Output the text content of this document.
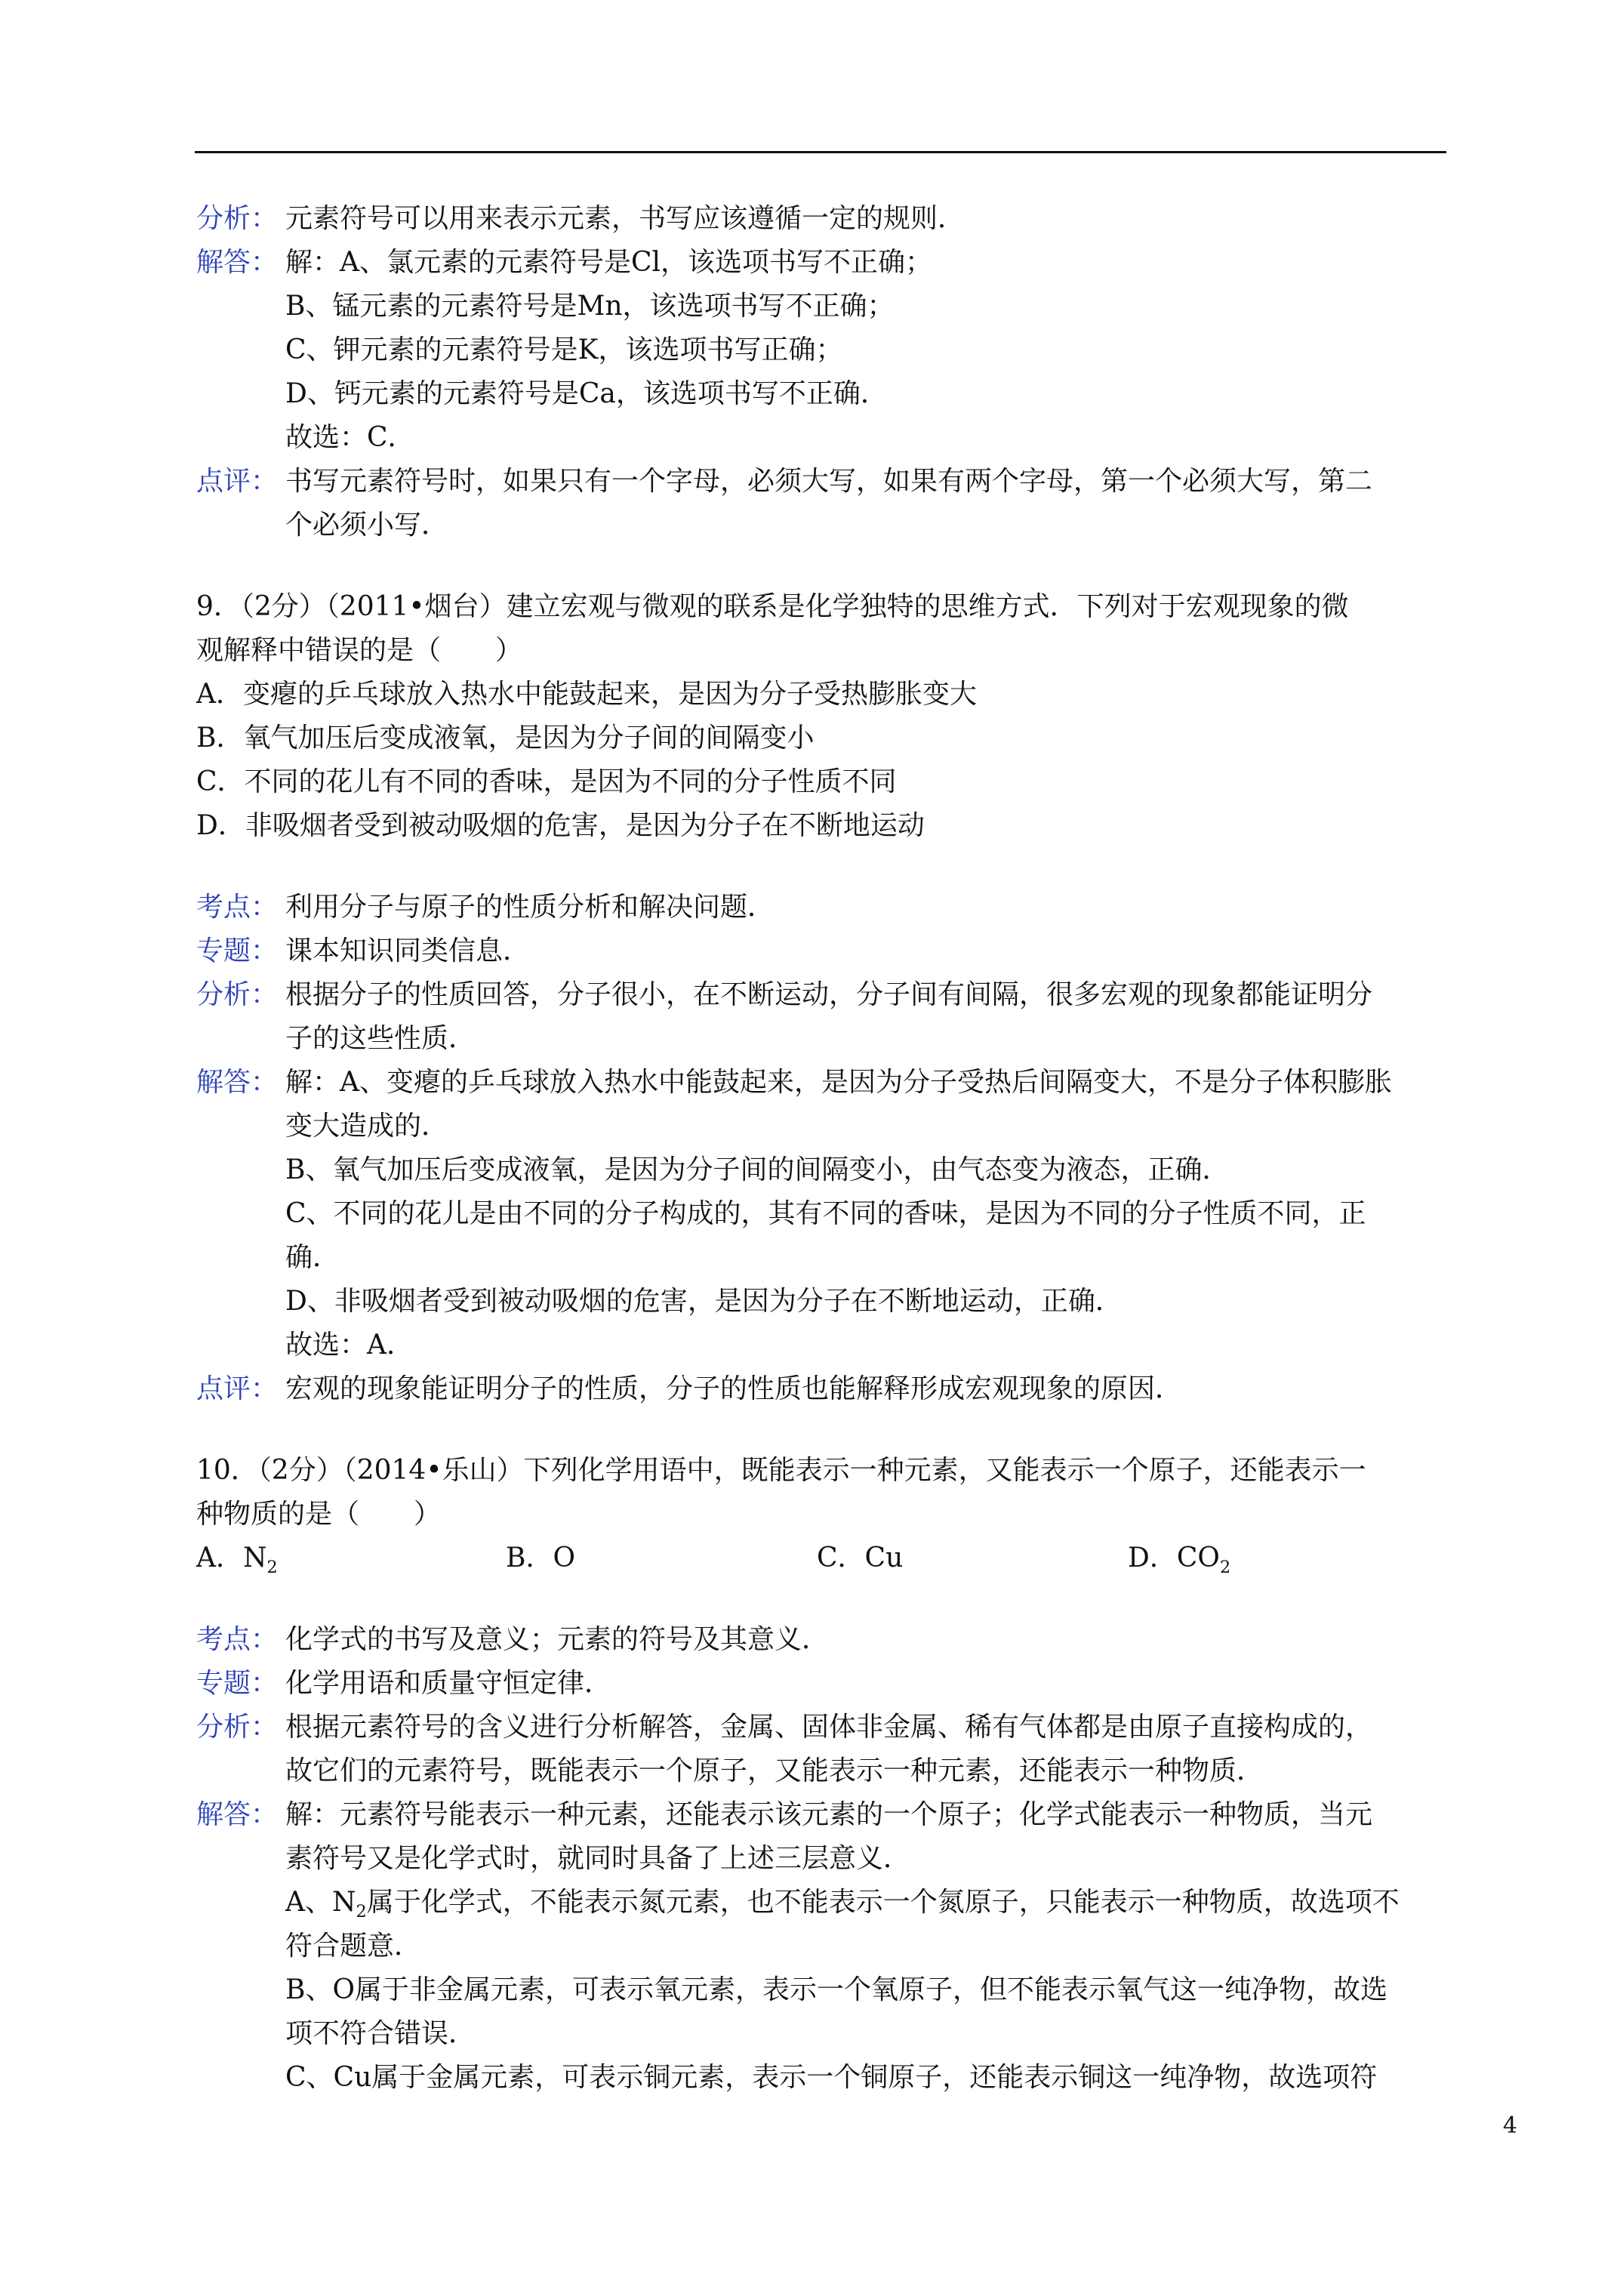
分析： 元素符号可以用来表示元素，书写应该遵循一定的规则．
解答： 解：A、氯元素的元素符号是Cl，该选项书写不正确；
B、锰元素的元素符号是Mn，该选项书写不正确；
C、钾元素的元素符号是K，该选项书写正确；
D、钙元素的元素符号是Ca，该选项书写不正确．
故选：C．
点评： 书写元素符号时，如果只有一个字母，必须大写，如果有两个字母，第一个必须大写，第二
个必须小写．
9．（2分）（2011•烟台）建立宏观与微观的联系是化学独特的思维方式．下列对于宏观现象的微
观解释中错误的是（　　）
A．变瘪的乒乓球放入热水中能鼓起来，是因为分子受热膨胀变大
B．氧气加压后变成液氧，是因为分子间的间隔变小
C．不同的花儿有不同的香味，是因为不同的分子性质不同
D．非吸烟者受到被动吸烟的危害，是因为分子在不断地运动
考点： 利用分子与原子的性质分析和解决问题．
专题： 课本知识同类信息．
分析： 根据分子的性质回答，分子很小，在不断运动，分子间有间隔，很多宏观的现象都能证明分
子的这些性质．
解答： 解：A、变瘪的乒乓球放入热水中能鼓起来，是因为分子受热后间隔变大，不是分子体积膨胀
变大造成的．
B、氧气加压后变成液氧，是因为分子间的间隔变小，由气态变为液态，正确．
C、不同的花儿是由不同的分子构成的，其有不同的香味，是因为不同的分子性质不同，正
确．
D、非吸烟者受到被动吸烟的危害，是因为分子在不断地运动，正确．
故选：A．
点评： 宏观的现象能证明分子的性质，分子的性质也能解释形成宏观现象的原因．
10．（2分）（2014•乐山）下列化学用语中，既能表示一种元素，又能表示一个原子，还能表示一
种物质的是（　　）
A．$N_2$	B．O	C．Cu	D．$CO_2$
考点： 化学式的书写及意义；元素的符号及其意义．
专题： 化学用语和质量守恒定律．
分析： 根据元素符号的含义进行分析解答，金属、固体非金属、稀有气体都是由原子直接构成的，
故它们的元素符号，既能表示一个原子，又能表示一种元素，还能表示一种物质．
解答： 解：元素符号能表示一种元素，还能表示该元素的一个原子；化学式能表示一种物质，当元
素符号又是化学式时，就同时具备了上述三层意义．
A、$N_2$属于化学式，不能表示氮元素，也不能表示一个氮原子，只能表示一种物质，故选项不
符合题意．
B、O属于非金属元素，可表示氧元素，表示一个氧原子，但不能表示氧气这一纯净物，故选
项不符合错误．
C、Cu属于金属元素，可表示铜元素，表示一个铜原子，还能表示铜这一纯净物，故选项符
4
